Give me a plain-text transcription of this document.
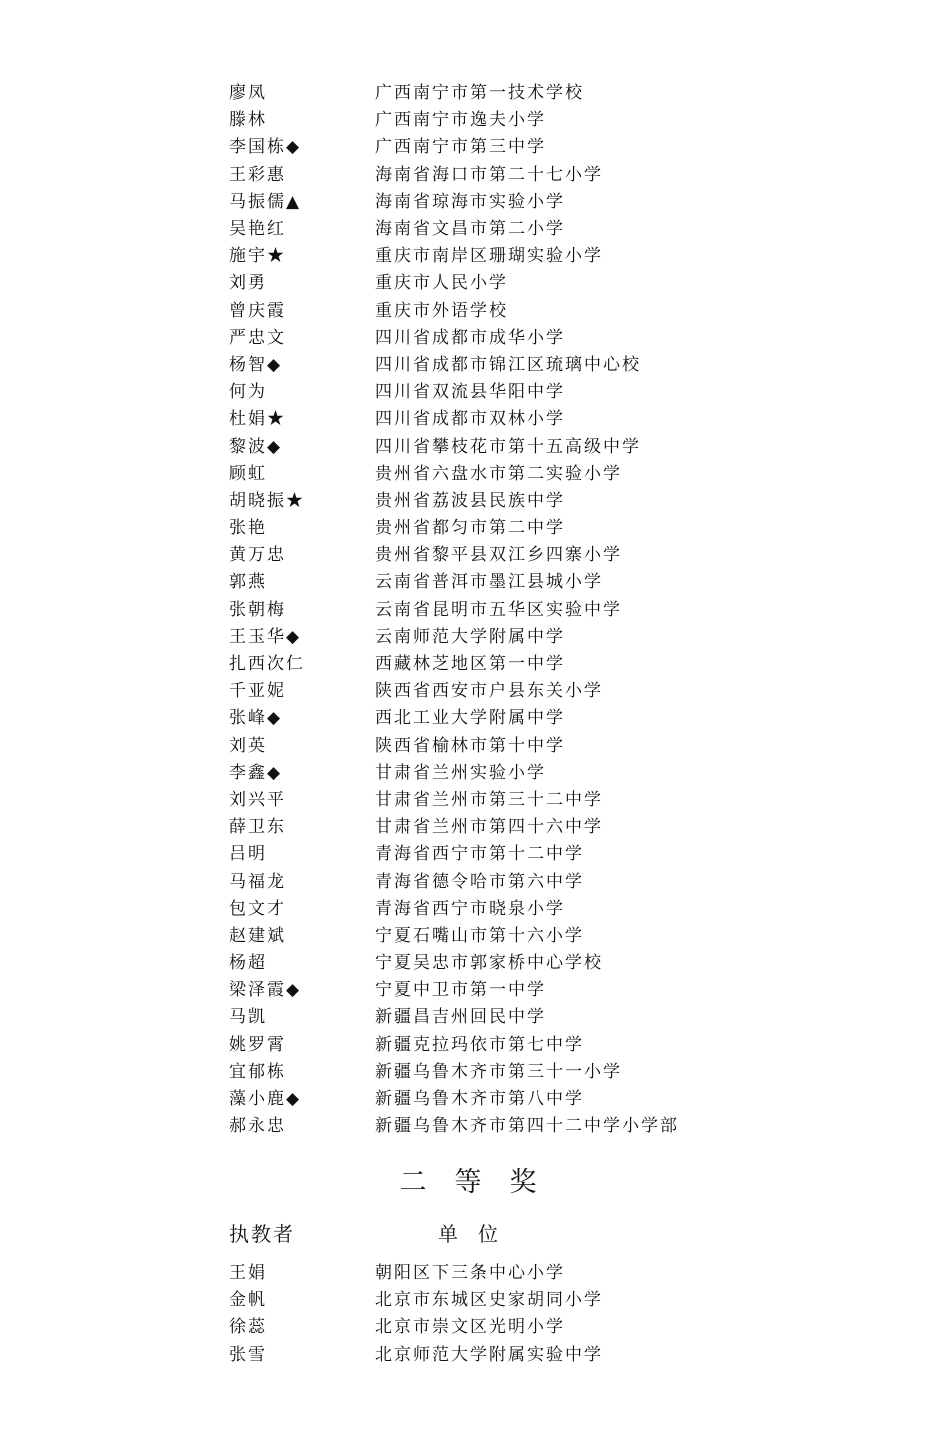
廖凤	广西南宁市第一技术学校
滕林	广西南宁市逸夫小学
李国栋◆	广西南宁市第三中学
王彩惠	海南省海口市第二十七小学
马振儒▲	海南省琼海市实验小学
吴艳红	海南省文昌市第二小学
施宇★	重庆市南岸区珊瑚实验小学
刘勇	重庆市人民小学
曾庆霞	重庆市外语学校
严忠文	四川省成都市成华小学
杨智◆	四川省成都市锦江区琉璃中心校
何为	四川省双流县华阳中学
杜娟★	四川省成都市双林小学
黎波◆	四川省攀枝花市第十五高级中学
顾虹	贵州省六盘水市第二实验小学
胡晓振★	贵州省荔波县民族中学
张艳	贵州省都匀市第二中学
黄万忠	贵州省黎平县双江乡四寨小学
郭燕	云南省普洱市墨江县城小学
张朝梅	云南省昆明市五华区实验中学
王玉华◆	云南师范大学附属中学
扎西次仁	西藏林芝地区第一中学
千亚妮	陕西省西安市户县东关小学
张峰◆	西北工业大学附属中学
刘英	陕西省榆林市第十中学
李鑫◆	甘肃省兰州实验小学
刘兴平	甘肃省兰州市第三十二中学
薛卫东	甘肃省兰州市第四十六中学
吕明	青海省西宁市第十二中学
马福龙	青海省德令哈市第六中学
包文才	青海省西宁市晓泉小学
赵建斌	宁夏石嘴山市第十六小学
杨超	宁夏吴忠市郭家桥中心学校
梁泽霞◆	宁夏中卫市第一中学
马凯	新疆昌吉州回民中学
姚罗霄	新疆克拉玛依市第七中学
宜郁栋	新疆乌鲁木齐市第三十一小学
藻小鹿◆	新疆乌鲁木齐市第八中学
郝永忠	新疆乌鲁木齐市第四十二中学小学部
二等奖
执教者	单位
王娟	朝阳区下三条中心小学
金帆	北京市东城区史家胡同小学
徐蕊	北京市崇文区光明小学
张雪	北京师范大学附属实验中学
